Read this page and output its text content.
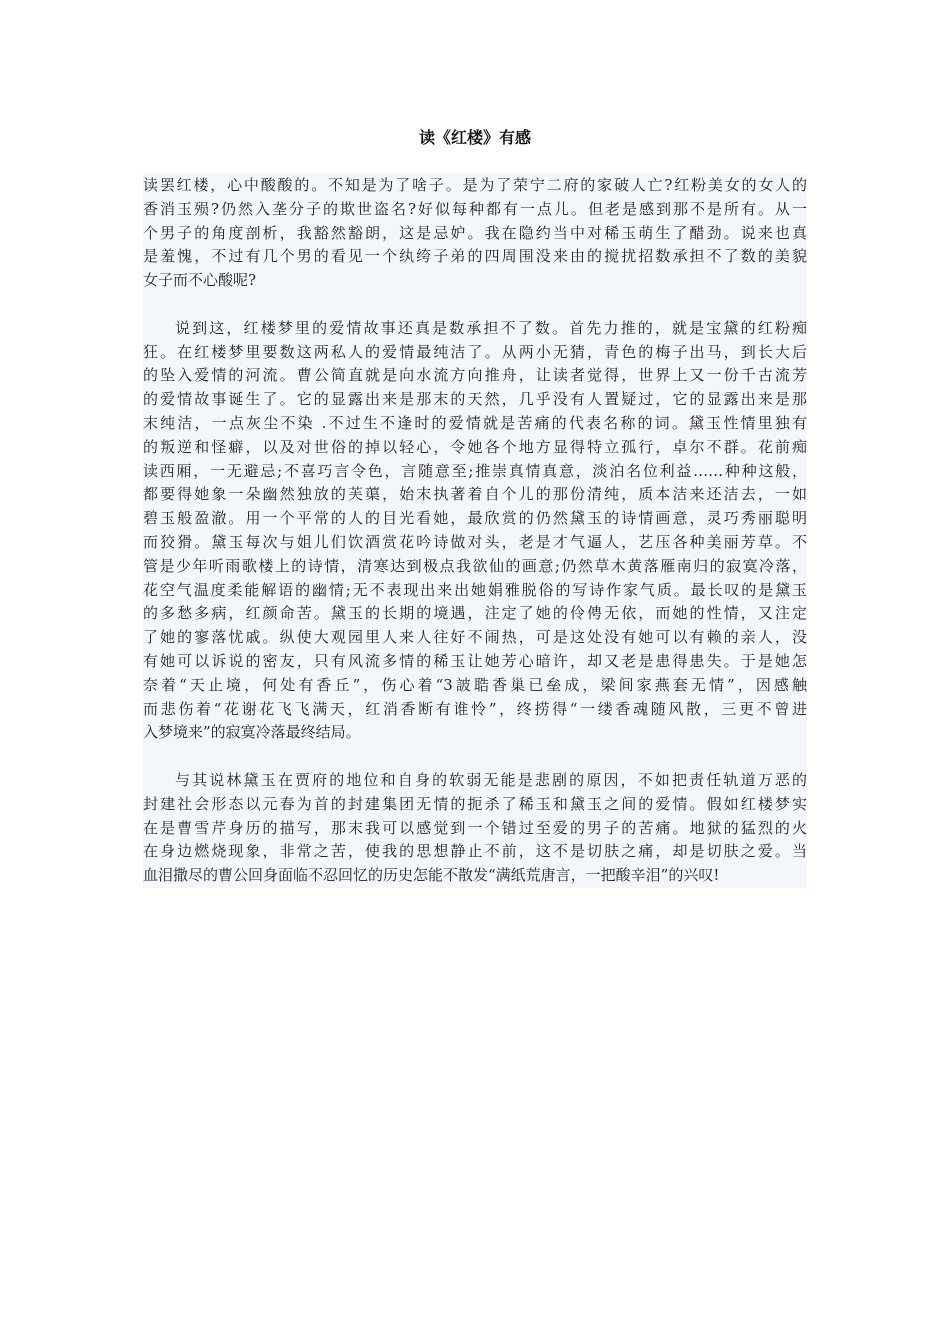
读《红楼》有感
读罢红楼，心中酸酸的。不知是为了啥子。是为了荣宁二府的家破人亡?红粉美女的女人的
香消玉殒?仍然入垄分子的欺世盗名?好似每种都有一点儿。但老是感到那不是所有。从一
个男子的角度剖析，我豁然豁朗，这是忌妒。我在隐约当中对稀玉萌生了醋劲。说来也真
是羞愧，不过有几个男的看见一个纨绔子弟的四周围没来由的搅扰招数承担不了数的美貌
女子而不心酸呢?
说到这，红楼梦里的爱情故事还真是数承担不了数。首先力推的，就是宝黛的红粉痴
狂。在红楼梦里要数这两私人的爱情最纯洁了。从两小无猜，青色的梅子出马，到长大后
的坠入爱情的河流。曹公简直就是向水流方向推舟，让读者觉得，世界上又一份千古流芳
的爱情故事诞生了。它的显露出来是那末的天然，几乎没有人置疑过，它的显露出来是那
末纯洁，一点灰尘不染 .不过生不逢时的爱情就是苦痛的代表名称的词。黛玉性情里独有
的叛逆和怪癖，以及对世俗的掉以轻心，令她各个地方显得特立孤行，卓尔不群。花前痴
读西厢，一无避忌;不喜巧言令色，言随意至;推崇真情真意，淡泊名位利益……种种这般，
都要得她象一朵幽然独放的芙蕖，始末执著着自个儿的那份清纯，质本洁来还洁去，一如
碧玉般盈澈。用一个平常的人的目光看她，最欣赏的仍然黛玉的诗情画意，灵巧秀丽聪明
而狡猾。黛玉每次与姐儿们饮酒赏花吟诗做对头，老是才气逼人，艺压各种美丽芳草。不
管是少年听雨歌楼上的诗情，清寒达到极点我欲仙的画意;仍然草木黄落雁南归的寂寞冷落，
花空气温度柔能解语的幽情;无不表现出来出她娟雅脱俗的写诗作家气质。最长叹的是黛玉
的多愁多病，红颜命苦。黛玉的长期的境遇，注定了她的伶俜无依，而她的性情，又注定
了她的寥落忧戚。纵使大观园里人来人往好不闹热，可是这处没有她可以有赖的亲人，没
有她可以诉说的密友，只有风流多情的稀玉让她芳心暗许，却又老是患得患失。于是她怎
奈着“天止境，何处有香丘”，伤心着“3詖聕香巢已垒成，梁间家燕套无情”，因感触
而悲伤着“花谢花飞飞满天，红消香断有谁怜”，终捞得“一缕香魂随风散，三更不曾进
入梦境来”的寂寞冷落最终结局。
与其说林黛玉在贾府的地位和自身的软弱无能是悲剧的原因，不如把责任轨道万恶的
封建社会形态以元春为首的封建集团无情的扼杀了稀玉和黛玉之间的爱情。假如红楼梦实
在是曹雪芹身历的描写，那末我可以感觉到一个错过至爱的男子的苦痛。地狱的猛烈的火
在身边燃烧现象，非常之苦，使我的思想静止不前，这不是切肤之痛，却是切肤之爱。当
血泪撒尽的曹公回身面临不忍回忆的历史怎能不散发“满纸荒唐言，一把酸辛泪”的兴叹!
